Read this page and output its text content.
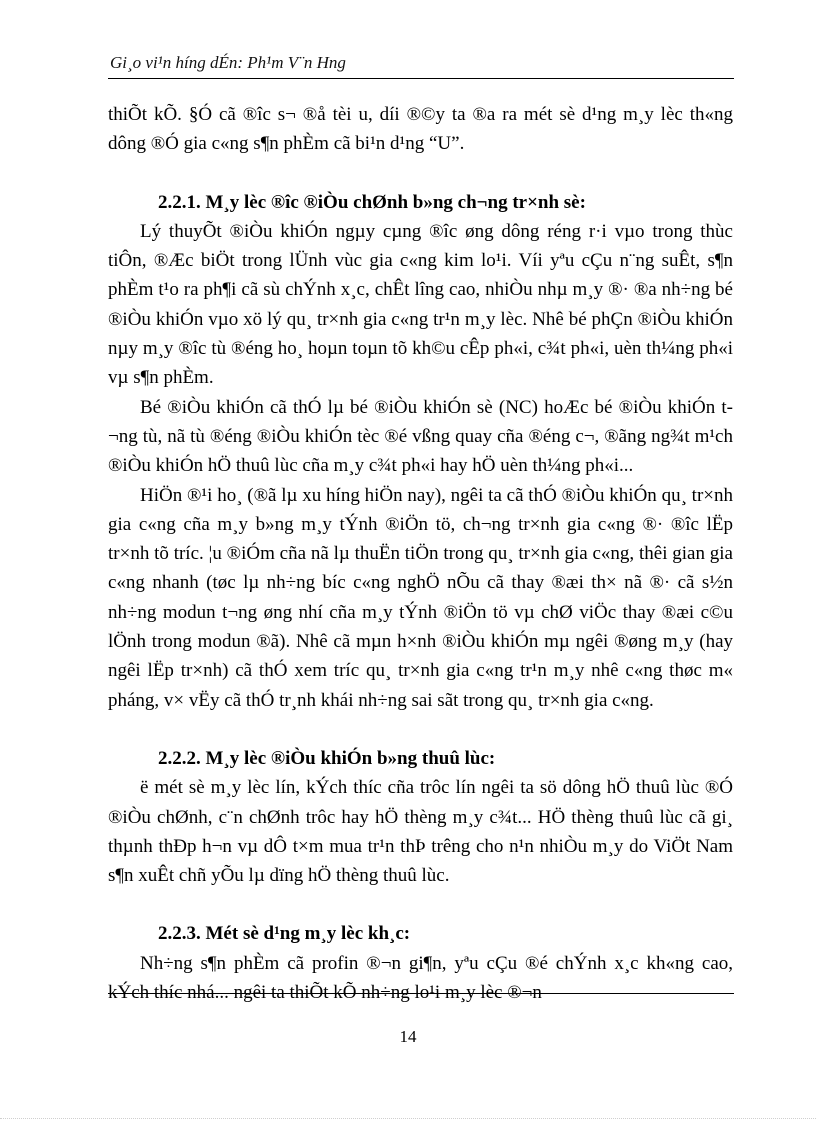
Gi¸o vi¹n híng dÉn: Ph¹m V¨n Hng

thiÕt kÕ. §Ó cã ®îc s¬ ®å tèi u, díi ®©y ta ®a ra mét sè d¹ng m¸y lèc th«ng dông ®Ó gia c«ng s¶n phÈm cã bi¹n d¹ng “U”.

2.2.1. M¸y lèc ®îc ®iÒu chØnh b»ng ch¬ng tr×nh sè:

Lý thuyÕt ®iÒu khiÓn ngµy cµng ®îc øng dông réng r·i vµo trong thùc tiÔn, ®Æc biÖt trong lÜnh vùc gia c«ng kim lo¹i. Víi yªu cÇu n¨ng suÊt, s¶n phÈm t¹o ra ph¶i cã sù chÝnh x¸c, chÊt lîng cao, nhiÒu nhµ m¸y ®· ®a nh÷ng bé ®iÒu khiÓn vµo xö lý qu¸ tr×nh gia c«ng tr¹n m¸y lèc. Nhê bé phÇn ®iÒu khiÓn nµy m¸y ®îc tù ®éng ho¸ hoµn toµn tõ kh©u cÊp ph«i, c¾t ph«i, uèn th¼ng ph«i vµ s¶n phÈm.

Bé ®iÒu khiÓn cã thÓ lµ bé ®iÒu khiÓn sè (NC) hoÆc bé ®iÒu khiÓn t¬ng tù, nã tù ®éng ®iÒu khiÓn tèc ®é vßng quay cña ®éng c¬, ®ãng ng¾t m¹ch ®iÒu khiÓn hÖ thuû lùc cña m¸y c¾t ph«i hay hÖ uèn th¼ng ph«i...

HiÖn ®¹i ho¸ (®ã lµ xu híng hiÖn nay), ngêi ta cã thÓ ®iÒu khiÓn qu¸ tr×nh gia c«ng cña m¸y b»ng m¸y tÝnh ®iÖn tö, ch¬ng tr×nh gia c«ng ®· ®îc lËp tr×nh tõ tríc. ¦u ®iÓm cña nã lµ thuËn tiÖn trong qu¸ tr×nh gia c«ng, thêi gian gia c«ng nhanh (tøc lµ nh÷ng bíc c«ng nghÖ nÕu cã thay ®æi th× nã ®· cã s½n nh÷ng modun t¬ng øng nhí cña m¸y tÝnh ®iÖn tö vµ chØ viÖc thay ®æi c©u lÖnh trong modun ®ã). Nhê cã mµn h×nh ®iÒu khiÓn mµ ngêi ®øng m¸y (hay ngêi lËp tr×nh) cã thÓ xem tríc qu¸ tr×nh gia c«ng tr¹n m¸y nhê c«ng thøc m« pháng, v× vËy cã thÓ tr¸nh khái nh÷ng sai sãt trong qu¸ tr×nh gia c«ng.

2.2.2. M¸y lèc ®iÒu khiÓn b»ng thuû lùc:

ë mét sè m¸y lèc lín, kÝch thíc cña trôc lín ngêi ta sö dông hÖ thuû lùc ®Ó ®iÒu chØnh, c¨n chØnh trôc hay hÖ thèng m¸y c¾t... HÖ thèng thuû lùc cã gi¸ thµnh thÐp h¬n vµ dÔ t×m mua tr¹n thÞ trêng cho n¹n nhiÒu m¸y do ViÖt Nam s¶n xuÊt chñ yÕu lµ dïng hÖ thèng thuû lùc.

2.2.3. Mét sè d¹ng m¸y lèc kh¸c:

Nh÷ng s¶n phÈm cã profin ®¬n gi¶n, yªu cÇu ®é chÝnh x¸c kh«ng cao, kÝch thíc nhá... ngêi ta thiÕt kÕ nh÷ng lo¹i m¸y lèc ®¬n

14
